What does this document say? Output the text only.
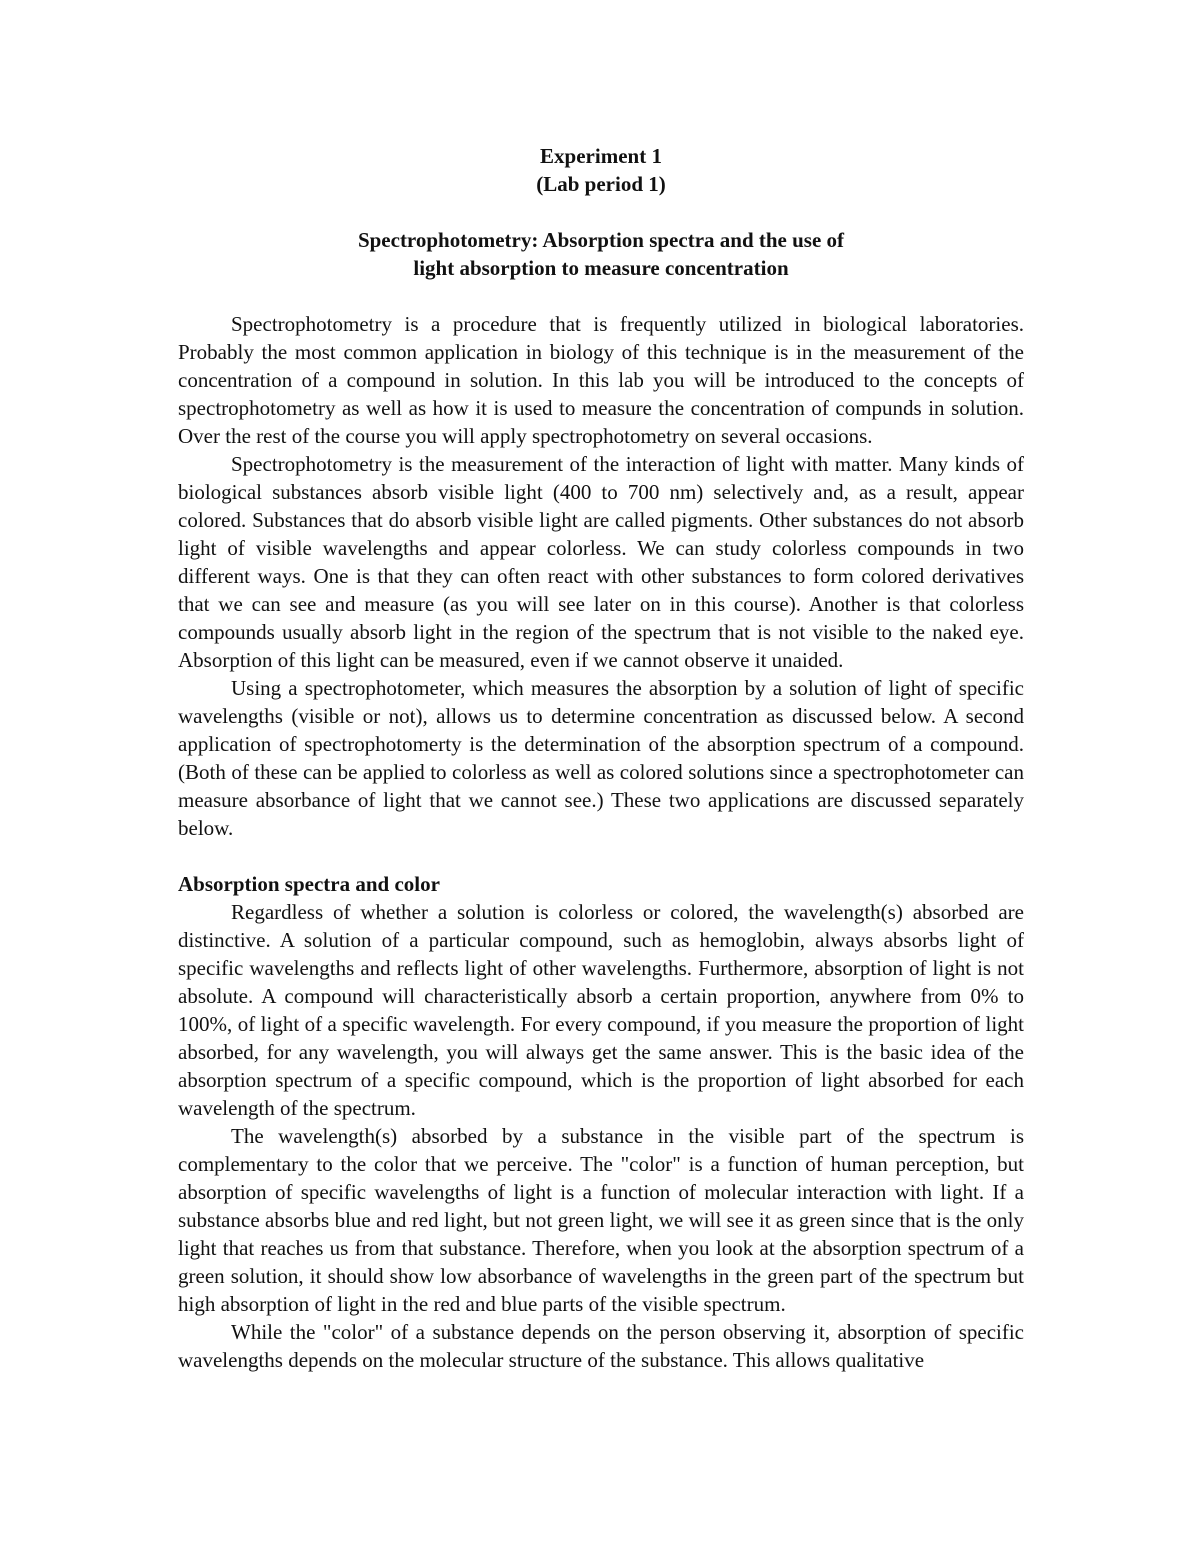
Experiment 1
(Lab period 1)
Spectrophotometry: Absorption spectra and the use of
light absorption to measure concentration

Spectrophotometry is a procedure that is frequently utilized in biological laboratories. Probably the most common application in biology of this technique is in the measurement of the concentration of a compound in solution. In this lab you will be introduced to the concepts of spectrophotometry as well as how it is used to measure the concentration of compunds in solution. Over the rest of the course you will apply spectrophotometry on several occasions.

Spectrophotometry is the measurement of the interaction of light with matter. Many kinds of biological substances absorb visible light (400 to 700 nm) selectively and, as a result, appear colored. Substances that do absorb visible light are called pigments. Other substances do not absorb light of visible wavelengths and appear colorless. We can study colorless compounds in two different ways. One is that they can often react with other substances to form colored derivatives that we can see and measure (as you will see later on in this course). Another is that colorless compounds usually absorb light in the region of the spectrum that is not visible to the naked eye. Absorption of this light can be measured, even if we cannot observe it unaided.

Using a spectrophotometer, which measures the absorption by a solution of light of specific wavelengths (visible or not), allows us to determine concentration as discussed below. A second application of spectrophotomerty is the determination of the absorption spectrum of a compound. (Both of these can be applied to colorless as well as colored solutions since a spectrophotometer can measure absorbance of light that we cannot see.) These two applications are discussed separately below.

Absorption spectra and color

Regardless of whether a solution is colorless or colored, the wavelength(s) absorbed are distinctive. A solution of a particular compound, such as hemoglobin, always absorbs light of specific wavelengths and reflects light of other wavelengths. Furthermore, absorption of light is not absolute. A compound will characteristically absorb a certain proportion, anywhere from 0% to 100%, of light of a specific wavelength. For every compound, if you measure the proportion of light absorbed, for any wavelength, you will always get the same answer. This is the basic idea of the absorption spectrum of a specific compound, which is the proportion of light absorbed for each wavelength of the spectrum.

The wavelength(s) absorbed by a substance in the visible part of the spectrum is complementary to the color that we perceive. The "color" is a function of human perception, but absorption of specific wavelengths of light is a function of molecular interaction with light. If a substance absorbs blue and red light, but not green light, we will see it as green since that is the only light that reaches us from that substance. Therefore, when you look at the absorption spectrum of a green solution, it should show low absorbance of wavelengths in the green part of the spectrum but high absorption of light in the red and blue parts of the visible spectrum.

While the "color" of a substance depends on the person observing it, absorption of specific wavelengths depends on the molecular structure of the substance. This allows qualitative
